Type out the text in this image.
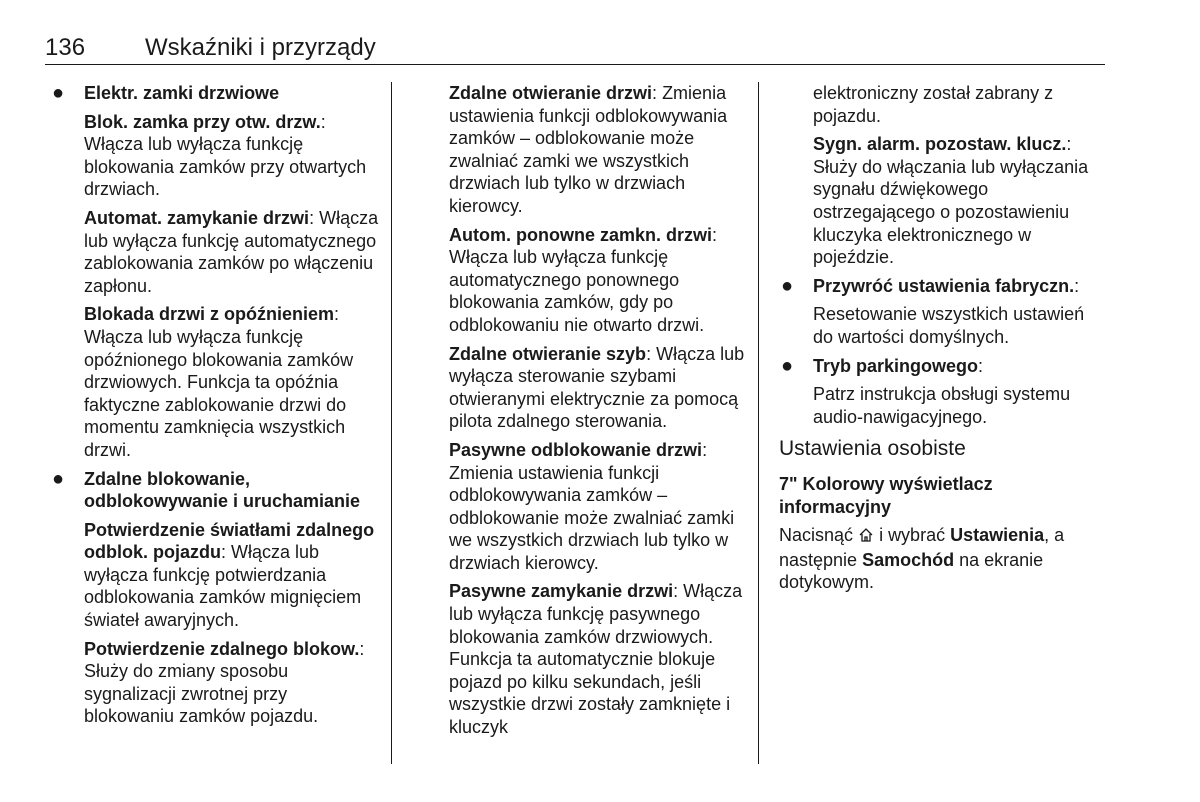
136 Wskaźniki i przyrządy
● Elektr. zamki drzwiowe
Blok. zamka przy otw. drzw.: Włącza lub wyłącza funkcję blokowania zamków przy otwartych drzwiach.
Automat. zamykanie drzwi: Włącza lub wyłącza funkcję automatycznego zablokowania zamków po włączeniu zapłonu.
Blokada drzwi z opóźnieniem: Włącza lub wyłącza funkcję opóźnionego blokowania zamków drzwiowych. Funkcja ta opóźnia faktyczne zablokowanie drzwi do momentu zamknięcia wszystkich drzwi.
● Zdalne blokowanie, odblokowywanie i uruchamianie
Potwierdzenie światłami zdalnego odblok. pojazdu: Włącza lub wyłącza funkcję potwierdzania odblokowania zamków mignięciem świateł awaryjnych.
Potwierdzenie zdalnego blokow.: Służy do zmiany sposobu sygnalizacji zwrotnej przy blokowaniu zamków pojazdu.
Zdalne otwieranie drzwi: Zmienia ustawienia funkcji odblokowywania zamków – odblokowanie może zwalniać zamki we wszystkich drzwiach lub tylko w drzwiach kierowcy.
Autom. ponowne zamkn. drzwi: Włącza lub wyłącza funkcję automatycznego ponownego blokowania zamków, gdy po odblokowaniu nie otwarto drzwi.
Zdalne otwieranie szyb: Włącza lub wyłącza sterowanie szybami otwieranymi elektrycznie za pomocą pilota zdalnego sterowania.
Pasywne odblokowanie drzwi: Zmienia ustawienia funkcji odblokowywania zamków – odblokowanie może zwalniać zamki we wszystkich drzwiach lub tylko w drzwiach kierowcy.
Pasywne zamykanie drzwi: Włącza lub wyłącza funkcję pasywnego blokowania zamków drzwiowych. Funkcja ta automatycznie blokuje pojazd po kilku sekundach, jeśli wszystkie drzwi zostały zamknięte i kluczyk
elektroniczny został zabrany z pojazdu.
Sygn. alarm. pozostaw. klucz.: Służy do włączania lub wyłączania sygnału dźwiękowego ostrzegającego o pozostawieniu kluczyka elektronicznego w pojeździe.
● Przywróć ustawienia fabryczn.:
Resetowanie wszystkich ustawień do wartości domyślnych.
● Tryb parkingowego:
Patrz instrukcja obsługi systemu audio-nawigacyjnego.
Ustawienia osobiste
7" Kolorowy wyświetlacz informacyjny
Nacisnąć i wybrać Ustawienia, a następnie Samochód na ekranie dotykowym.
